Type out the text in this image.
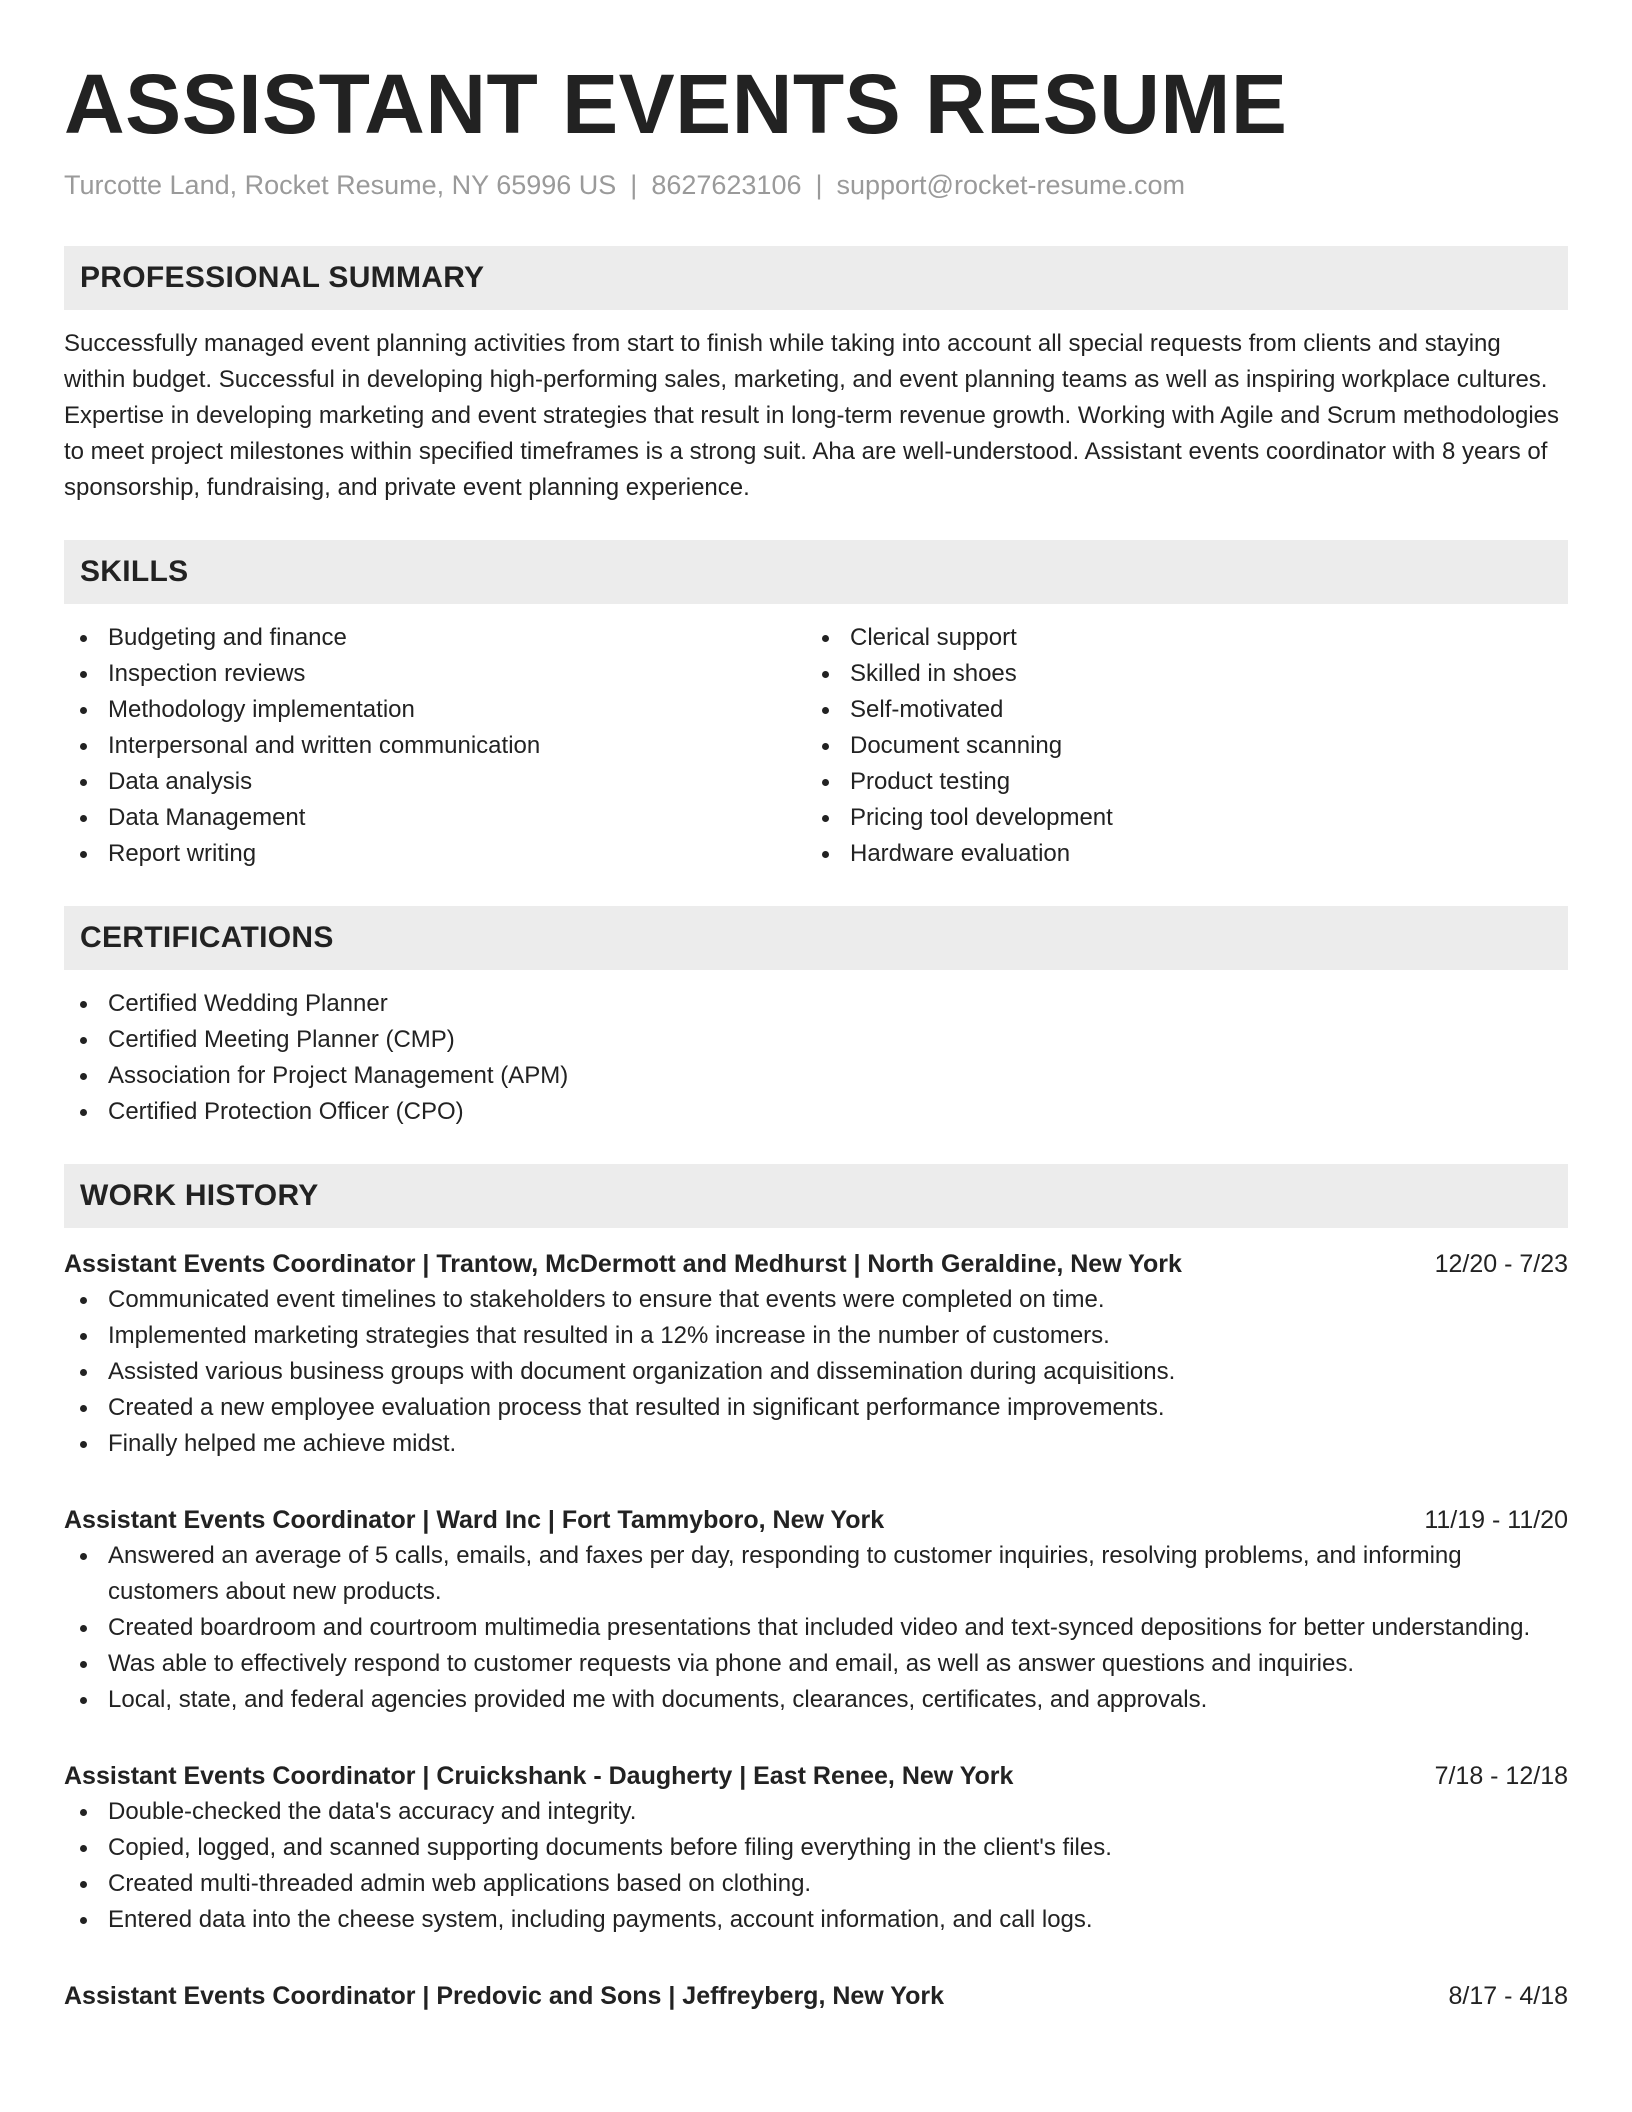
ASSISTANT EVENTS RESUME
Turcotte Land, Rocket Resume, NY 65996 US | 8627623106 | support@rocket-resume.com
PROFESSIONAL SUMMARY
Successfully managed event planning activities from start to finish while taking into account all special requests from clients and staying within budget. Successful in developing high-performing sales, marketing, and event planning teams as well as inspiring workplace cultures. Expertise in developing marketing and event strategies that result in long-term revenue growth. Working with Agile and Scrum methodologies to meet project milestones within specified timeframes is a strong suit. Aha are well-understood. Assistant events coordinator with 8 years of sponsorship, fundraising, and private event planning experience.
SKILLS
Budgeting and finance
Inspection reviews
Methodology implementation
Interpersonal and written communication
Data analysis
Data Management
Report writing
Clerical support
Skilled in shoes
Self-motivated
Document scanning
Product testing
Pricing tool development
Hardware evaluation
CERTIFICATIONS
Certified Wedding Planner
Certified Meeting Planner (CMP)
Association for Project Management (APM)
Certified Protection Officer (CPO)
WORK HISTORY
Assistant Events Coordinator | Trantow, McDermott and Medhurst | North Geraldine, New York	12/20 - 7/23
Communicated event timelines to stakeholders to ensure that events were completed on time.
Implemented marketing strategies that resulted in a 12% increase in the number of customers.
Assisted various business groups with document organization and dissemination during acquisitions.
Created a new employee evaluation process that resulted in significant performance improvements.
Finally helped me achieve midst.
Assistant Events Coordinator | Ward Inc | Fort Tammyboro, New York	11/19 - 11/20
Answered an average of 5 calls, emails, and faxes per day, responding to customer inquiries, resolving problems, and informing customers about new products.
Created boardroom and courtroom multimedia presentations that included video and text-synced depositions for better understanding.
Was able to effectively respond to customer requests via phone and email, as well as answer questions and inquiries.
Local, state, and federal agencies provided me with documents, clearances, certificates, and approvals.
Assistant Events Coordinator | Cruickshank - Daugherty | East Renee, New York	7/18 - 12/18
Double-checked the data's accuracy and integrity.
Copied, logged, and scanned supporting documents before filing everything in the client's files.
Created multi-threaded admin web applications based on clothing.
Entered data into the cheese system, including payments, account information, and call logs.
Assistant Events Coordinator | Predovic and Sons | Jeffreyberg, New York	8/17 - 4/18
